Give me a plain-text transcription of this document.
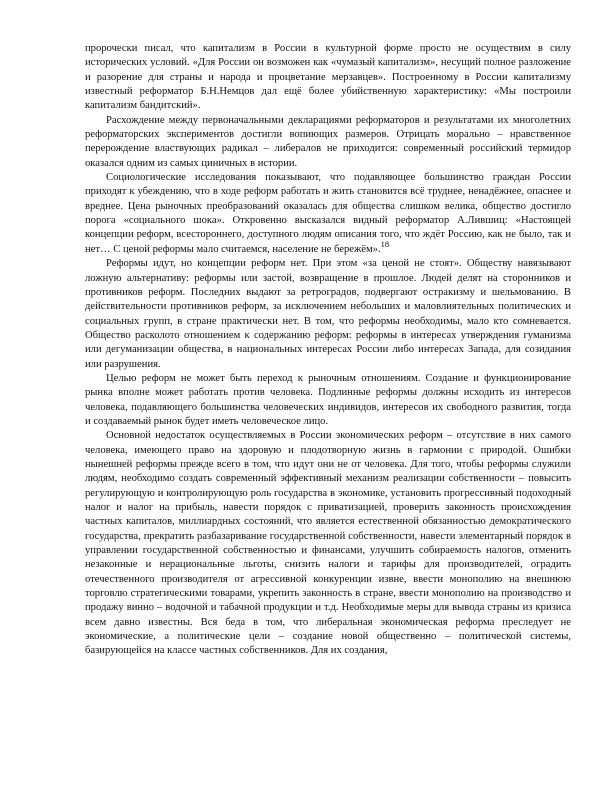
пророчески писал, что капитализм в России в культурной форме просто не осуществим в силу исторических условий. «Для России он возможен как «чумазый капитализм», несущий полное разложение и разорение для страны и народа и процветание мерзавцев». Построенному в России капитализму известный реформатор Б.Н.Немцов дал ещё более убийственную характеристику: «Мы построили капитализм бандитский».

Расхождение между первоначальными декларациями реформаторов и результатами их многолетних реформаторских экспериментов достигли вопиющих размеров. Отрицать морально – нравственное перерождение властвующих радикал – либералов не приходится: современный российский термидор оказался одним из самых циничных в истории.

Социологические исследования показывают, что подавляющее большинство граждан России приходят к убеждению, что в ходе реформ работать и жить становится всё труднее, ненадёжнее, опаснее и вреднее. Цена рыночных преобразований оказалась для общества слишком велика, общество достигло порога «социального шока». Откровенно высказался видный реформатор А.Лившиц: «Настоящей концепции реформ, всестороннего, доступного людям описания того, что ждёт Россию, как не было, так и нет… С ценой реформы мало считаемся, население не бережём».$^{18}$

Реформы идут, но концепции реформ нет. При этом «за ценой не стоят». Обществу навязывают ложную альтернативу: реформы или застой, возвращение в прошлое. Людей делят на сторонников и противников реформ. Последних выдают за ретроградов, подвергают остракизму и шельмованию. В действительности противников реформ, за исключением небольших и маловлиятельных политических и социальных групп, в стране практически нет. В том, что реформы необходимы, мало кто сомневается. Общество расколото отношением к содержанию реформ: реформы в интересах утверждения гуманизма или дегуманизации общества, в национальных интересах России либо интересах Запада, для созидания или разрушения.

Целью реформ не может быть переход к рыночным отношениям. Создание и функционирование рынка вполне может работать против человека. Подлинные реформы должны исходить из интересов человека, подавляющего большинства человеческих индивидов, интересов их свободного развития, тогда и создаваемый рынок будет иметь человеческое лицо.

Основной недостаток осуществляемых в России экономических реформ – отсутствие в них самого человека, имеющего право на здоровую и плодотворную жизнь в гармонии с природой. Ошибки нынешней реформы прежде всего в том, что идут они не от человека. Для того, чтобы реформы служили людям, необходимо создать современный эффективный механизм реализации собственности – повысить регулирующую и контролирующую роль государства в экономике, установить прогрессивный подоходный налог и налог на прибыль, навести порядок с приватизацией, проверить законность происхождения частных капиталов, миллиардных состояний, что является естественной обязанностью демократического государства, прекратить разбазаривание государственной собственности, навести элементарный порядок в управлении государственной собственностью и финансами, улучшить собираемость налогов, отменить незаконные и нерациональные льготы, снизить налоги и тарифы для производителей, оградить отечественного производителя от агрессивной конкуренции извне, ввести монополию на внешнюю торговлю стратегическими товарами, укрепить законность в стране, ввести монополию на производство и продажу винно – водочной и табачной продукции и т.д. Необходимые меры для вывода страны из кризиса всем давно известны. Вся беда в том, что либеральная экономическая реформа преследует не экономические, а политические цели – создание новой общественно – политической системы, базирующейся на классе частных собственников. Для их создания,
